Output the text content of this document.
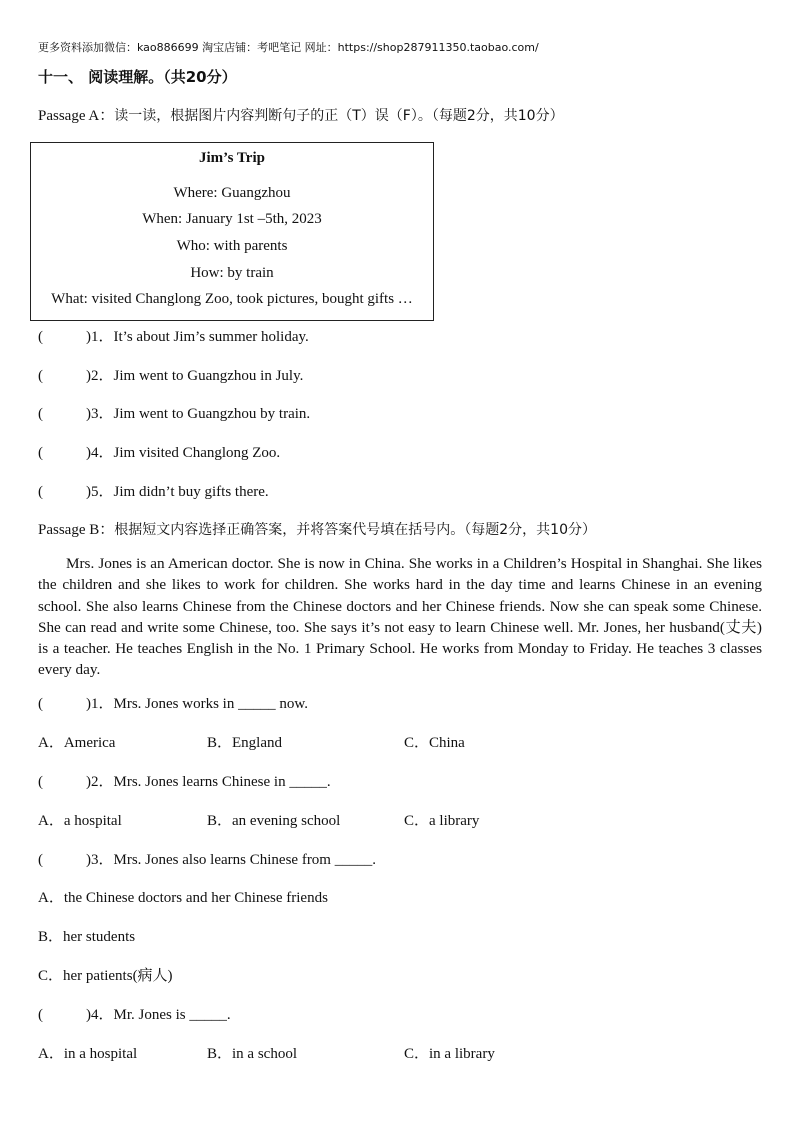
更多资料添加微信：kao886699 淘宝店铺：考吧笔记 网址：https://shop287911350.taobao.com/
十一、 阅读理解。（共20分）
Passage A：读一读，根据图片内容判断句子的正（T）误（F）。（每题2分，共10分）
Jim’s Trip
Where: Guangzhou
When: January 1st –5th, 2023
Who: with parents
How: by train
What: visited Changlong Zoo, took pictures, bought gifts …
(	)1．It’s about Jim’s summer holiday.
(	)2．Jim went to Guangzhou in July.
(	)3．Jim went to Guangzhou by train.
(	)4．Jim visited Changlong Zoo.
(	)5．Jim didn’t buy gifts there.
Passage B：根据短文内容选择正确答案，并将答案代号填在括号内。（每题2分，共10分）
Mrs. Jones is an American doctor. She is now in China. She works in a Children’s Hospital in Shanghai. She likes the children and she likes to work for children. She works hard in the day time and learns Chinese in an evening school. She also learns Chinese from the Chinese doctors and her Chinese friends. Now she can speak some Chinese. She can read and write some Chinese, too. She says it’s not easy to learn Chinese well. Mr. Jones, her husband(丈夫) is a teacher. He teaches English in the No. 1 Primary School. He works from Monday to Friday. He teaches 3 classes every day.
(	)1．Mrs. Jones works in _____ now.
A．America	B．England	C．China
(	)2．Mrs. Jones learns Chinese in _____.
A．a hospital	B．an evening school	C．a library
(	)3．Mrs. Jones also learns Chinese from _____.
A．the Chinese doctors and her Chinese friends
B．her students
C．her patients(病人)
(	)4．Mr. Jones is _____.
A．in a hospital	B．in a school	C．in a library
